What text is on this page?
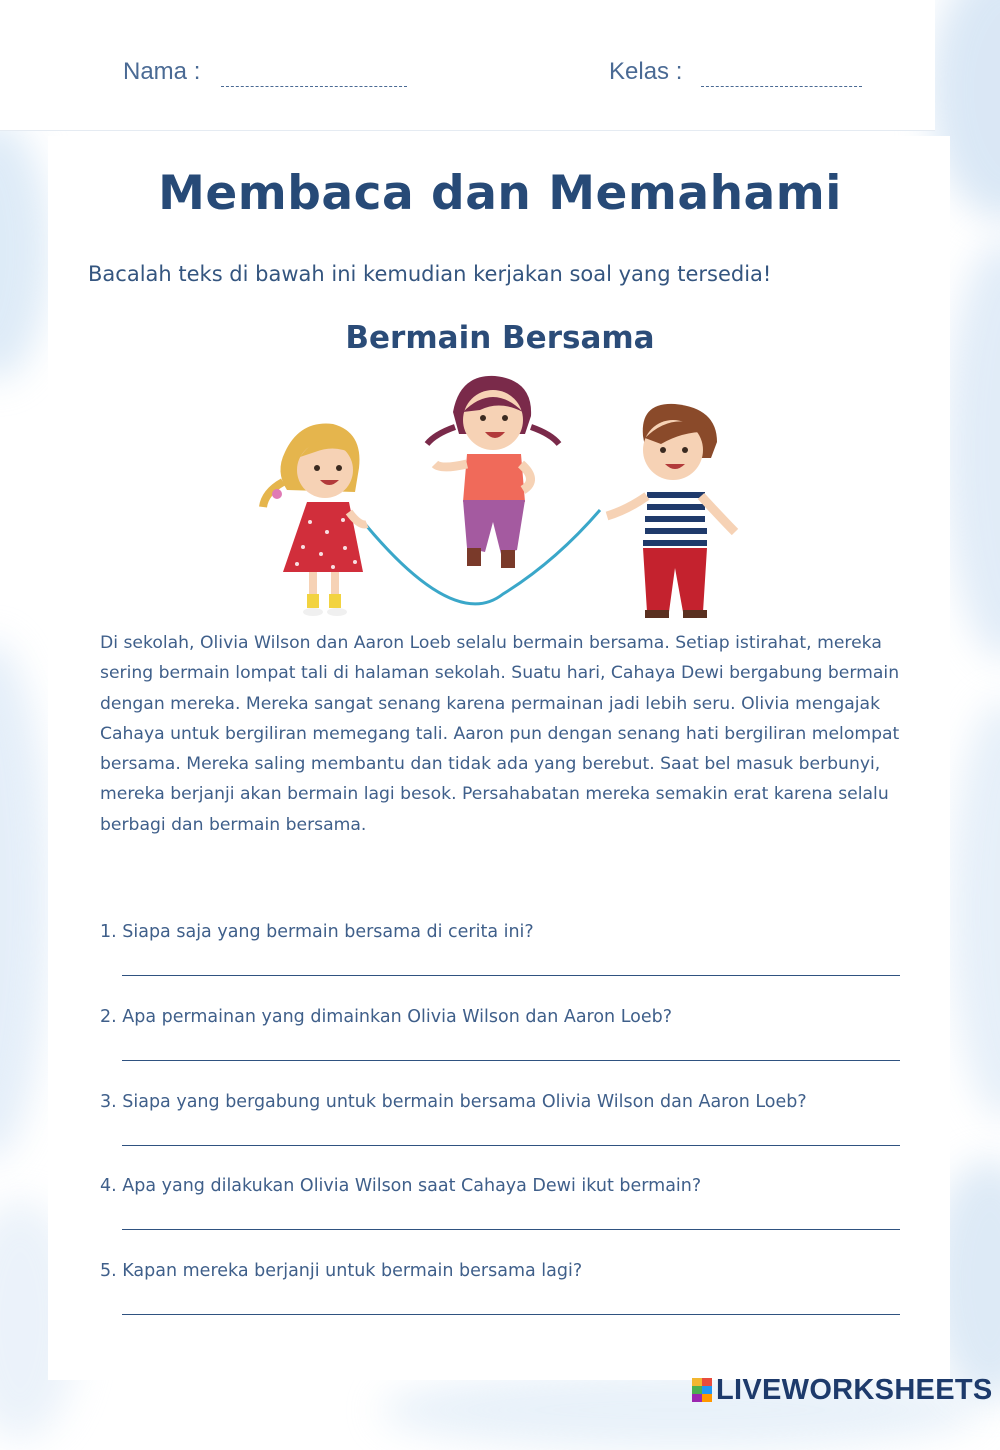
Nama :	Kelas :
Membaca dan Memahami
Bacalah teks di bawah ini kemudian kerjakan soal yang tersedia!
Bermain Bersama
Di sekolah, Olivia Wilson dan Aaron Loeb selalu bermain bersama. Setiap istirahat, mereka sering bermain lompat tali di halaman sekolah. Suatu hari, Cahaya Dewi bergabung bermain dengan mereka. Mereka sangat senang karena permainan jadi lebih seru. Olivia mengajak Cahaya untuk bergiliran memegang tali. Aaron pun dengan senang hati bergiliran melompat bersama. Mereka saling membantu dan tidak ada yang berebut. Saat bel masuk berbunyi, mereka berjanji akan bermain lagi besok. Persahabatan mereka semakin erat karena selalu berbagi dan bermain bersama.
1. Siapa saja yang bermain bersama di cerita ini?
2. Apa permainan yang dimainkan Olivia Wilson dan Aaron Loeb?
3. Siapa yang bergabung untuk bermain bersama Olivia Wilson dan Aaron Loeb?
4. Apa yang dilakukan Olivia Wilson saat Cahaya Dewi ikut bermain?
5. Kapan mereka berjanji untuk bermain bersama lagi?
LIVEWORKSHEETS
